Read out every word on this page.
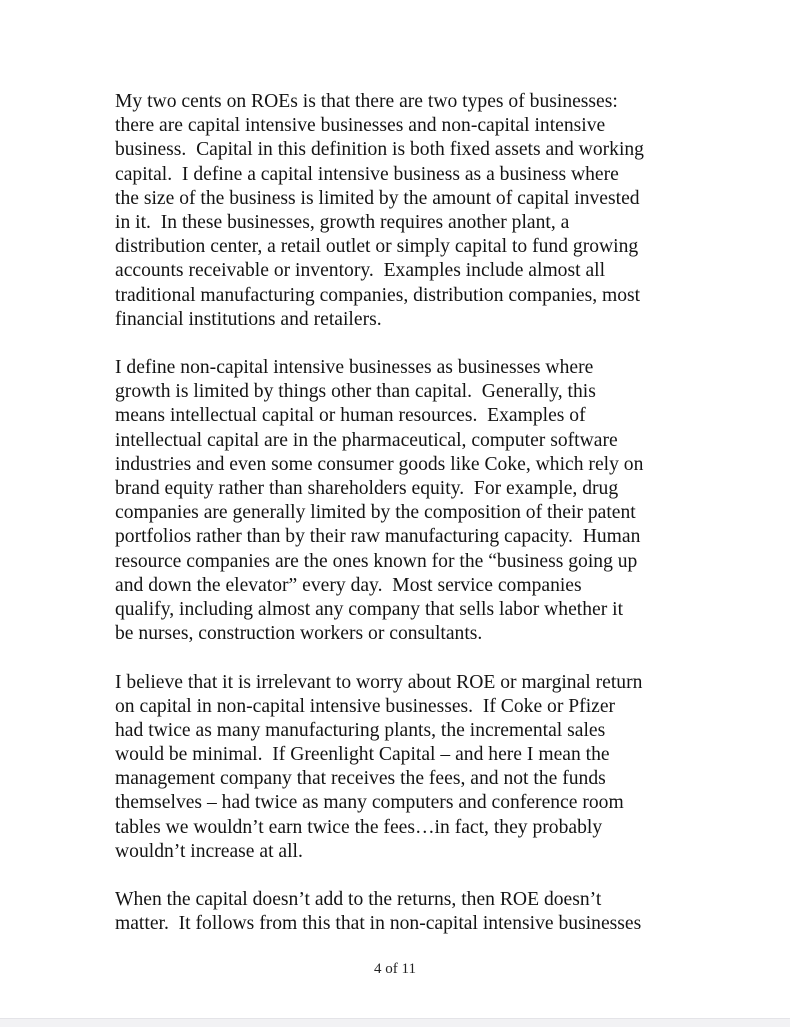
My two cents on ROEs is that there are two types of businesses:
there are capital intensive businesses and non-capital intensive
business.  Capital in this definition is both fixed assets and working
capital.  I define a capital intensive business as a business where
the size of the business is limited by the amount of capital invested
in it.  In these businesses, growth requires another plant, a
distribution center, a retail outlet or simply capital to fund growing
accounts receivable or inventory.  Examples include almost all
traditional manufacturing companies, distribution companies, most
financial institutions and retailers.
I define non-capital intensive businesses as businesses where
growth is limited by things other than capital.  Generally, this
means intellectual capital or human resources.  Examples of
intellectual capital are in the pharmaceutical, computer software
industries and even some consumer goods like Coke, which rely on
brand equity rather than shareholders equity.  For example, drug
companies are generally limited by the composition of their patent
portfolios rather than by their raw manufacturing capacity.  Human
resource companies are the ones known for the “business going up
and down the elevator” every day.  Most service companies
qualify, including almost any company that sells labor whether it
be nurses, construction workers or consultants.
I believe that it is irrelevant to worry about ROE or marginal return
on capital in non-capital intensive businesses.  If Coke or Pfizer
had twice as many manufacturing plants, the incremental sales
would be minimal.  If Greenlight Capital – and here I mean the
management company that receives the fees, and not the funds
themselves – had twice as many computers and conference room
tables we wouldn’t earn twice the fees…in fact, they probably
wouldn’t increase at all.
When the capital doesn’t add to the returns, then ROE doesn’t
matter.  It follows from this that in non-capital intensive businesses
4 of 11
